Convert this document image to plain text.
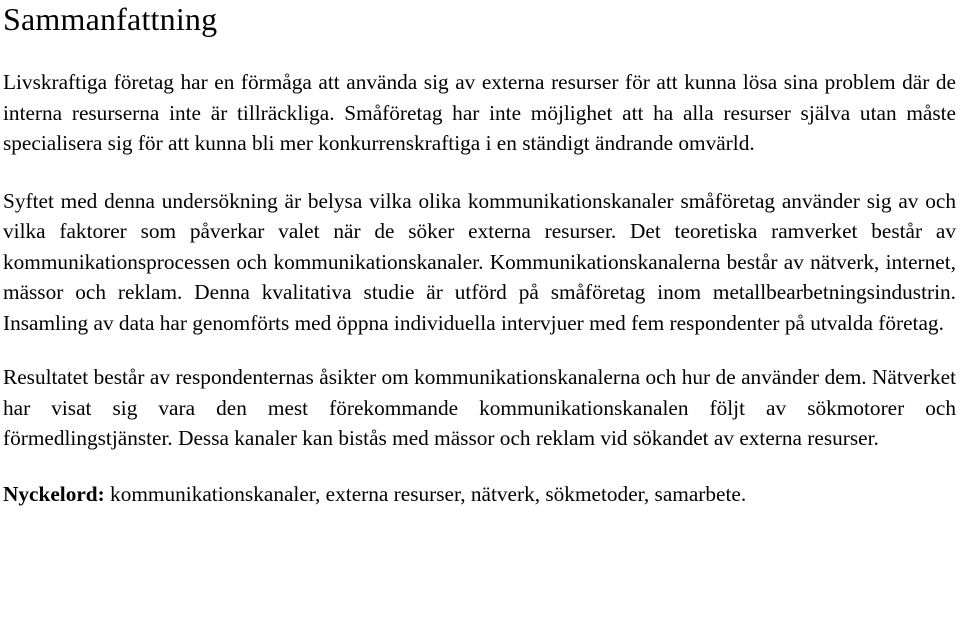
Sammanfattning

Livskraftiga företag har en förmåga att använda sig av externa resurser för att kunna lösa sina problem där de interna resurserna inte är tillräckliga. Småföretag har inte möjlighet att ha alla resurser själva utan måste specialisera sig för att kunna bli mer konkurrenskraftiga i en ständigt ändrande omvärld.

Syftet med denna undersökning är belysa vilka olika kommunikationskanaler småföretag använder sig av och vilka faktorer som påverkar valet när de söker externa resurser. Det teoretiska ramverket består av kommunikationsprocessen och kommunikationskanaler. Kommunikationskanalerna består av nätverk, internet, mässor och reklam. Denna kvalitativa studie är utförd på småföretag inom metallbearbetningsindustrin. Insamling av data har genomförts med öppna individuella intervjuer med fem respondenter på utvalda företag.

Resultatet består av respondenternas åsikter om kommunikationskanalerna och hur de använder dem. Nätverket har visat sig vara den mest förekommande kommunikationskanalen följt av sökmotorer och förmedlingstjänster. Dessa kanaler kan bistås med mässor och reklam vid sökandet av externa resurser.

Nyckelord: kommunikationskanaler, externa resurser, nätverk, sökmetoder, samarbete.
